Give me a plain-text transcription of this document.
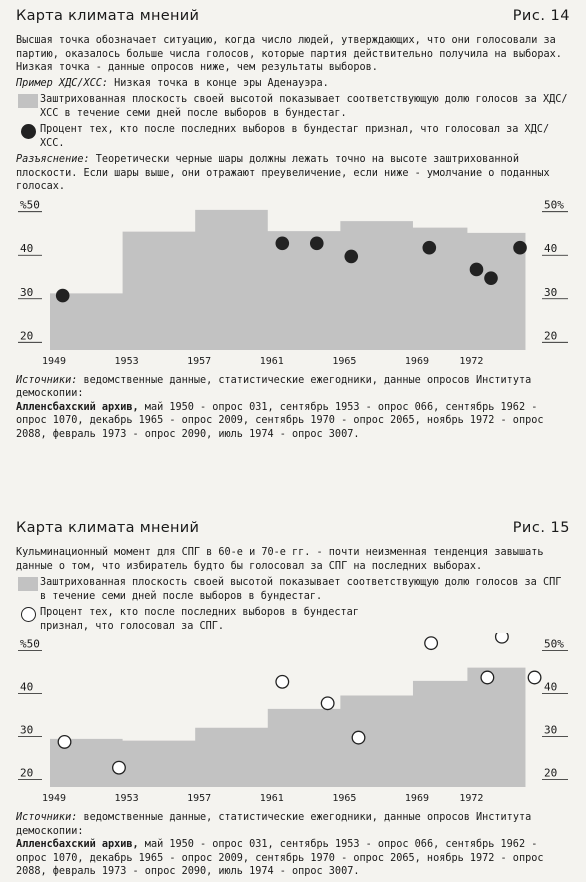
Карта климата мнений	Рис. 14
Высшая точка обозначает ситуацию, когда число людей, утверждающих, что они голосовали за партию, оказалось больше числа голосов, которые партия действительно получила на выборах.
Низкая точка - данные опросов ниже, чем результаты выборов.
Пример ХДС/ХСС: Низкая точка в конце эры Аденауэра.
Заштрихованная плоскость своей высотой показывает соответствующую долю голосов за ХДС/ХСС в течение семи дней после выборов в бундестаг.
Процент тех, кто после последних выборов в бундестаг признал, что голосовал за ХДС/ХСС.
Разъяснение: Теоретически черные шары должны лежать точно на высоте заштрихованной плоскости. Если шары выше, они отражают преувеличение, если ниже - умолчание о поданных голосах.
20	20
30	30
40	40
%50	50%
1949	1953	1957	1961	1965	1969	1972
Источники: ведомственные данные, статистические ежегодники, данные опросов Института демоскопии:
Алленсбахский архив, май 1950 - опрос 031, сентябрь 1953 - опрос 066, сентябрь 1962 - опрос 1070, декабрь 1965 - опрос 2009, сентябрь 1970 - опрос 2065, ноябрь 1972 - опрос 2088, февраль 1973 - опрос 2090, июль 1974 - опрос 3007.
Карта климата мнений	Рис. 15
Кульминационный момент для СПГ в 60-е и 70-е гг. - почти неизменная тенденция завышать данные о том, что избиратель будто бы голосовал за СПГ на последних выборах.
Заштрихованная плоскость своей высотой показывает соответствующую долю голосов за СПГ в течение семи дней после выборов в бундестаг.
Процент тех, кто после последних выборов в бундестаг признал, что голосовал за СПГ.
20	20
30	30
40	40
%50	50%
1949	1953	1957	1961	1965	1969	1972
Источники: ведомственные данные, статистические ежегодники, данные опросов Института демоскопии:
Алленсбахский архив, май 1950 - опрос 031, сентябрь 1953 - опрос 066, сентябрь 1962 - опрос 1070, декабрь 1965 - опрос 2009, сентябрь 1970 - опрос 2065, ноябрь 1972 - опрос 2088, февраль 1973 - опрос 2090, июль 1974 - опрос 3007.
